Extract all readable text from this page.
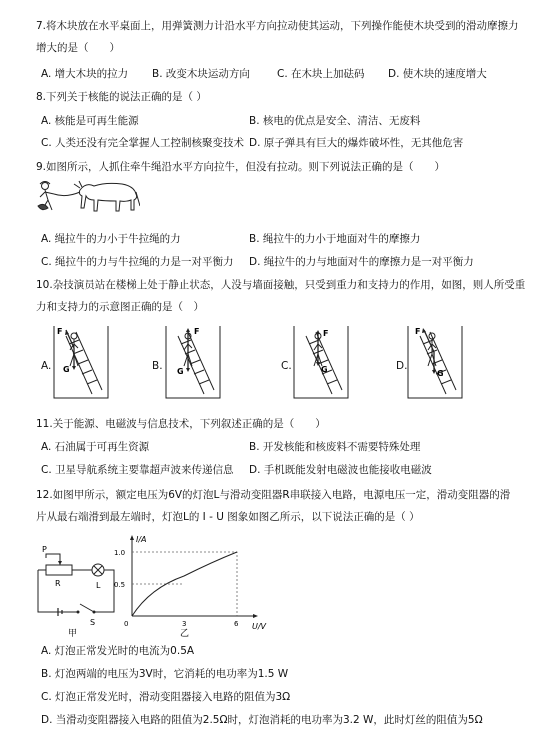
7.将木块放在水平桌面上，用弹簧测力计沿水平方向拉动使其运动，下列操作能使木块受到的滑动摩擦力
增大的是（　　）
A. 增大木块的拉力 B. 改变木块运动方向	C. 在木块上加砝码 D. 使木块的速度增大
8.下列关于核能的说法正确的是（ ）
A. 核能是可再生能源	B. 核电的优点是安全、清洁、无废料
C. 人类还没有完全掌握人工控制核聚变技术 D. 原子弹具有巨大的爆炸破坏性，无其他危害
9.如图所示，人抓住牵牛绳沿水平方向拉牛，但没有拉动。则下列说法正确的是（　　）
A. 绳拉牛的力小于牛拉绳的力	B. 绳拉牛的力小于地面对牛的摩擦力
C. 绳拉牛的力与牛拉绳的力是一对平衡力 D. 绳拉牛的力与地面对牛的摩擦力是一对平衡力
10.杂技演员站在楼梯上处于静止状态，人没与墙面接触，只受到重力和支持力的作用，如图，则人所受重
力和支持力的示意图正确的是（　）
A.	B.	C.	D.
F
G
F
G
F
G
F
G
11.关于能源、电磁波与信息技术，下列叙述正确的是（　　）
A. 石油属于可再生资源	B. 开发核能和核废料不需要特殊处理
C. 卫星导航系统主要靠超声波来传递信息 D. 手机既能发射电磁波也能接收电磁波
12.如图甲所示，额定电压为6V的灯泡L与滑动变阻器R串联接入电路，电源电压一定，滑动变阻器的滑
片从最右端滑到最左端时，灯泡L的 I - U 图象如图乙所示，以下说法正确的是（ ）
P
R	L
S
甲
I/A
U/V
0
1.0
0.5
3	6
乙
A. 灯泡正常发光时的电流为0.5A
B. 灯泡两端的电压为3V时，它消耗的电功率为1.5 W
C. 灯泡正常发光时，滑动变阻器接入电路的阻值为3Ω
D. 当滑动变阻器接入电路的阻值为2.5Ω时，灯泡消耗的电功率为3.2 W，此时灯丝的阻值为5Ω
